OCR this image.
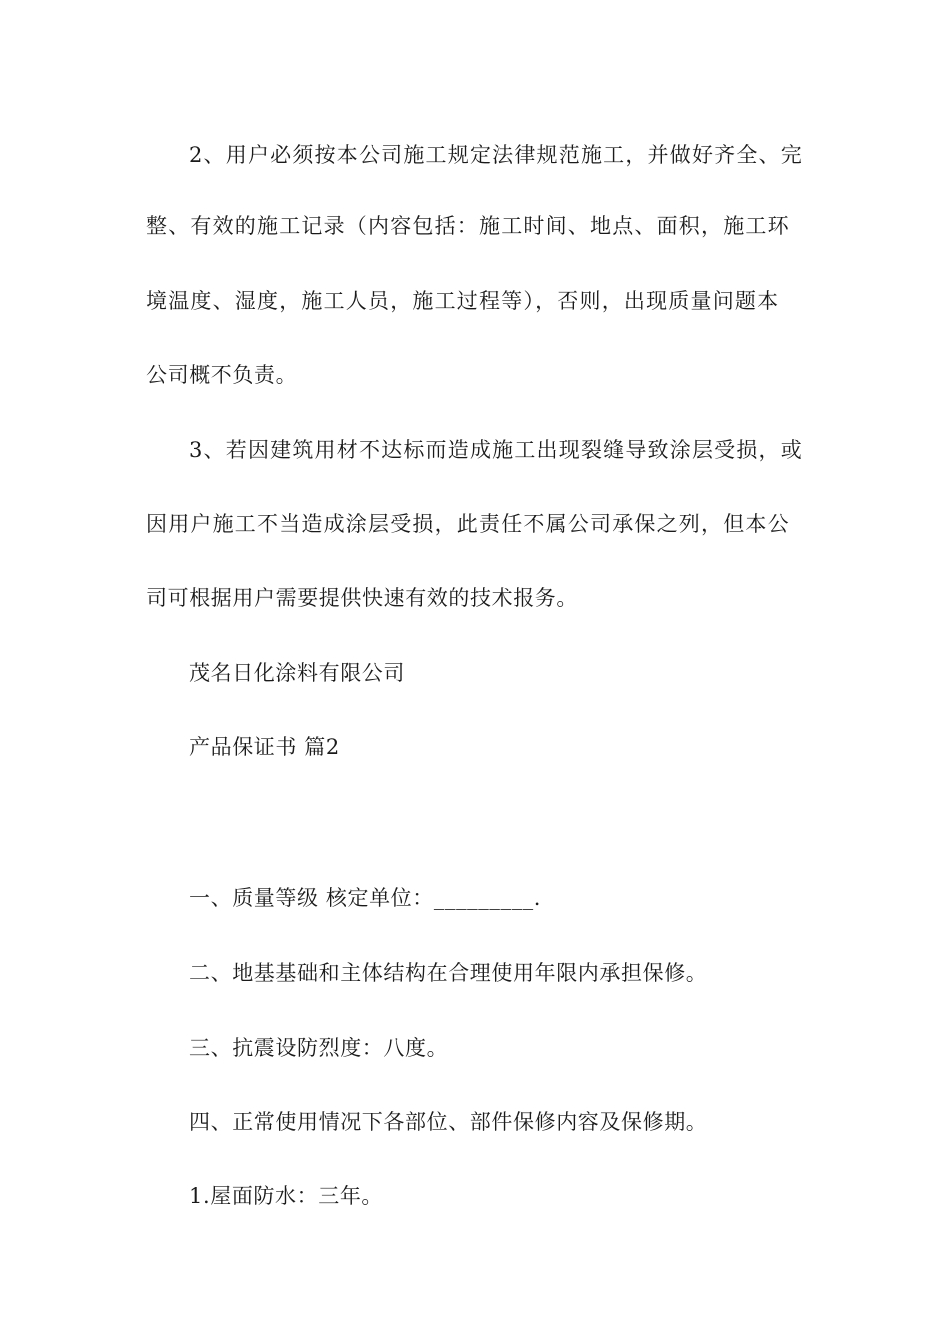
2、用户必须按本公司施工规定法律规范施工，并做好齐全、完
整、有效的施工记录（内容包括：施工时间、地点、面积，施工环
境温度、湿度，施工人员，施工过程等），否则，出现质量问题本
公司概不负责。
3、若因建筑用材不达标而造成施工出现裂缝导致涂层受损，或
因用户施工不当造成涂层受损，此责任不属公司承保之列，但本公
司可根据用户需要提供快速有效的技术报务。
茂名日化涂料有限公司
产品保证书 篇2
一、质量等级 核定单位：_________.
二、地基基础和主体结构在合理使用年限内承担保修。
三、抗震设防烈度：八度。
四、正常使用情况下各部位、部件保修内容及保修期。
1.屋面防水：三年。
